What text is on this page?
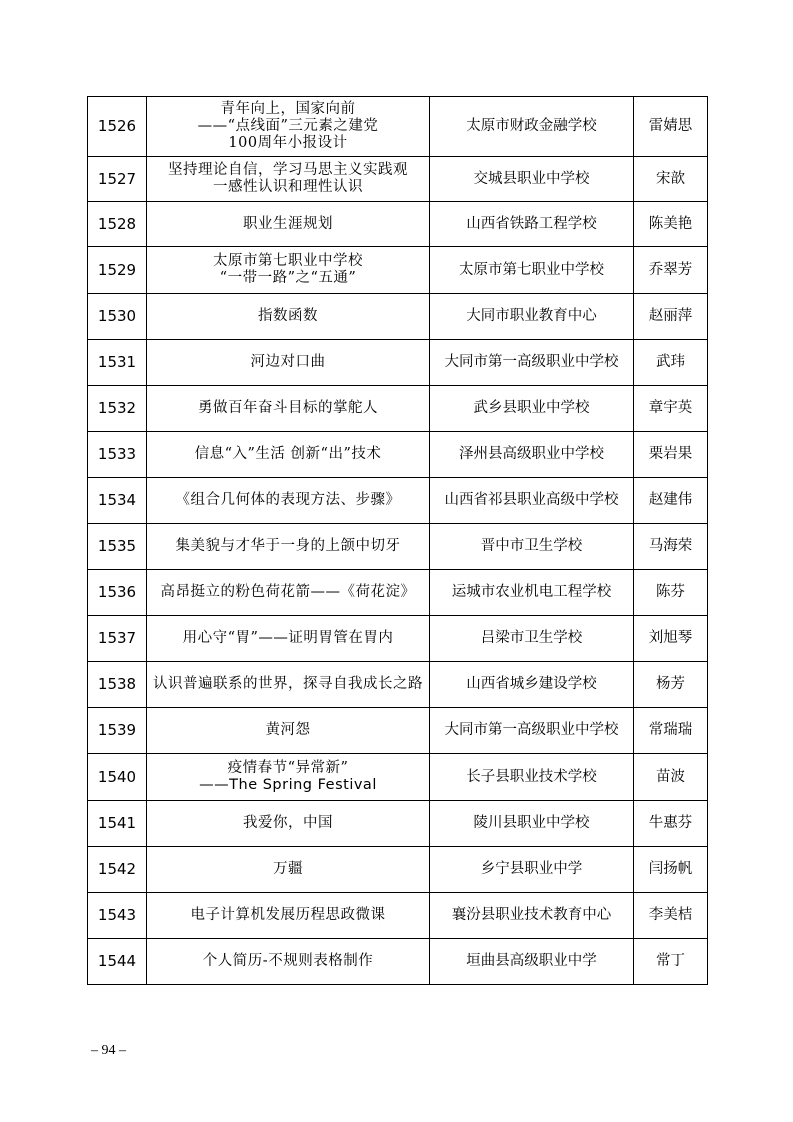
1526	青年向上，国家向前
——“点线面”三元素之建党
100周年小报设计	太原市财政金融学校	雷婧思
1527	坚持理论自信，学习马思主义实践观
一感性认识和理性认识	交城县职业中学校	宋歆
1528	职业生涯规划	山西省铁路工程学校	陈美艳
1529	太原市第七职业中学校
“一带一路”之“五通”	太原市第七职业中学校	乔翠芳
1530	指数函数	大同市职业教育中心	赵丽萍
1531	河边对口曲	大同市第一高级职业中学校	武玮
1532	勇做百年奋斗目标的掌舵人	武乡县职业中学校	章宇英
1533	信息“入”生活 创新“出”技术	泽州县高级职业中学校	栗岩果
1534	《组合几何体的表现方法、步骤》	山西省祁县职业高级中学校	赵建伟
1535	集美貌与才华于一身的上颌中切牙	晋中市卫生学校	马海荣
1536	高昂挺立的粉色荷花箭——《荷花淀》	运城市农业机电工程学校	陈芬
1537	用心守“胃”——证明胃管在胃内	吕梁市卫生学校	刘旭琴
1538	认识普遍联系的世界，探寻自我成长之路	山西省城乡建设学校	杨芳
1539	黄河怨	大同市第一高级职业中学校	常瑞瑞
1540	疫情春节“异常新”
——The Spring Festival	长子县职业技术学校	苗波
1541	我爱你，中国	陵川县职业中学校	牛惠芬
1542	万疆	乡宁县职业中学	闫扬帆
1543	电子计算机发展历程思政微课	襄汾县职业技术教育中心	李美桔
1544	个人简历-不规则表格制作	垣曲县高级职业中学	常丁
– 94 –
